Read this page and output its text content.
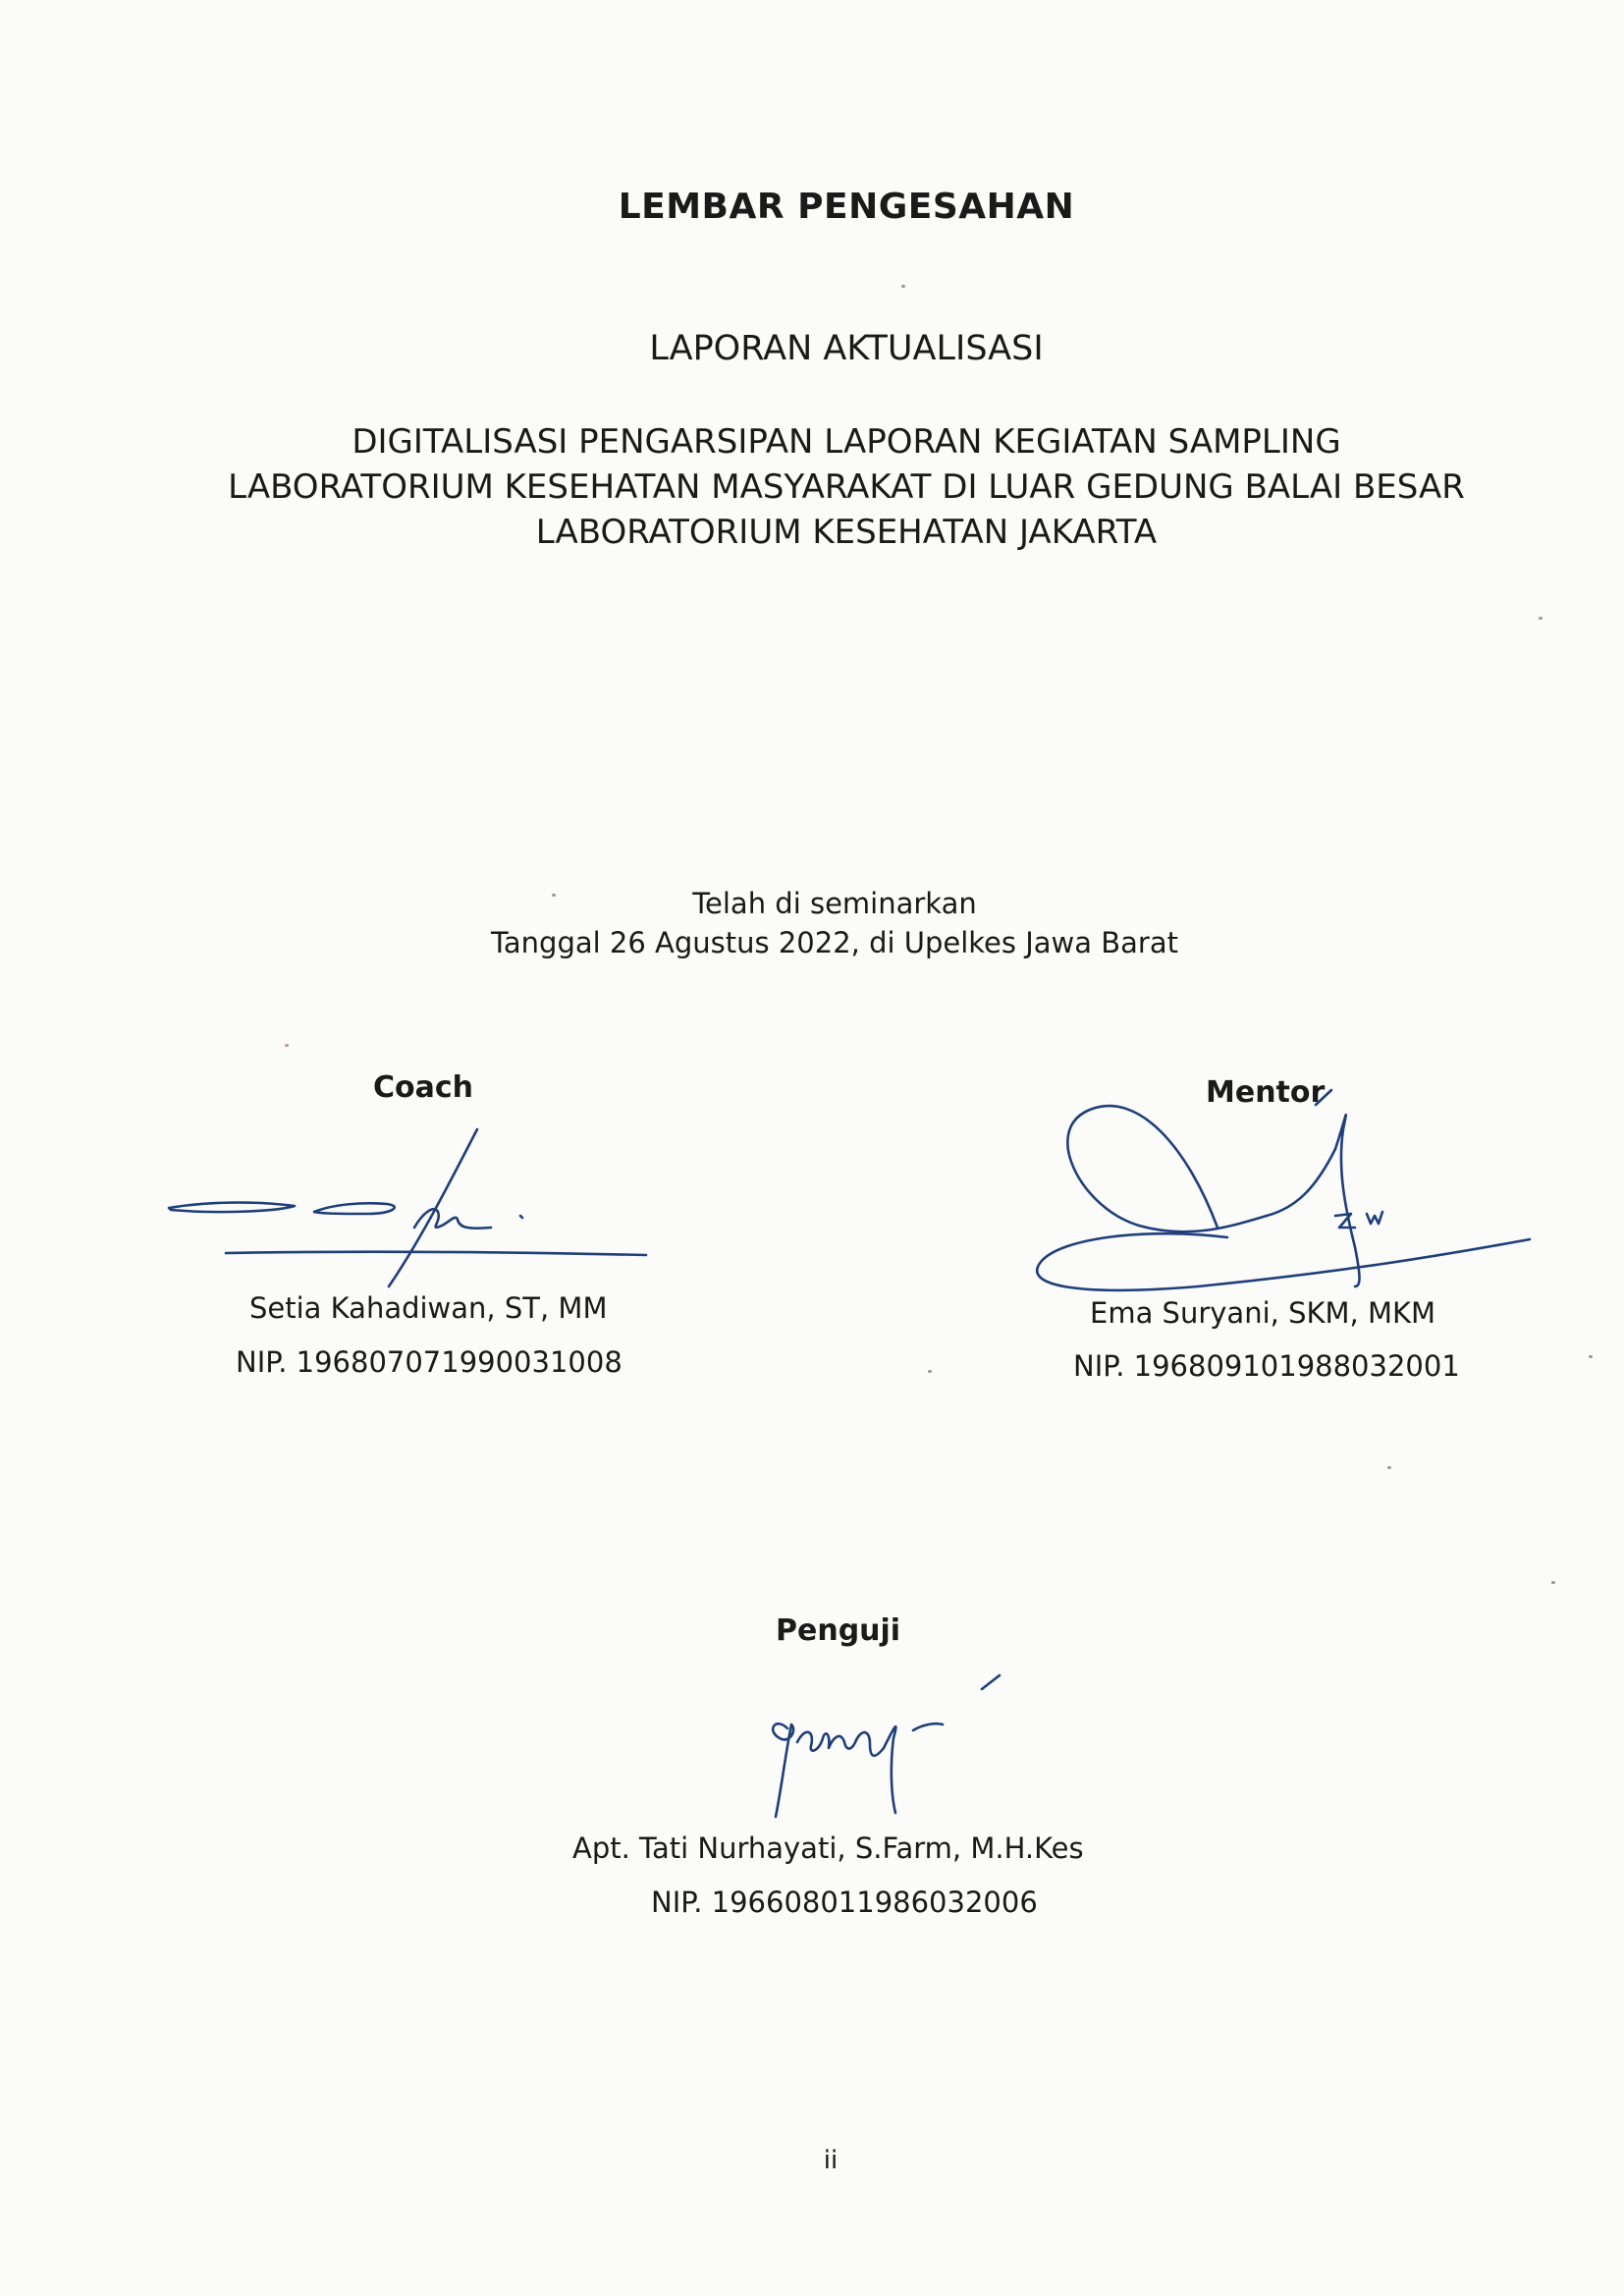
LEMBAR PENGESAHAN
LAPORAN AKTUALISASI
DIGITALISASI PENGARSIPAN LAPORAN KEGIATAN SAMPLING
LABORATORIUM KESEHATAN MASYARAKAT DI LUAR GEDUNG BALAI BESAR
LABORATORIUM KESEHATAN JAKARTA
Telah di seminarkan
Tanggal 26 Agustus 2022, di Upelkes Jawa Barat
Coach
Setia Kahadiwan, ST, MM
NIP. 196807071990031008
Mentor
Ema Suryani, SKM, MKM
NIP. 196809101988032001
Penguji
Apt. Tati Nurhayati, S.Farm, M.H.Kes
NIP. 196608011986032006
ii
